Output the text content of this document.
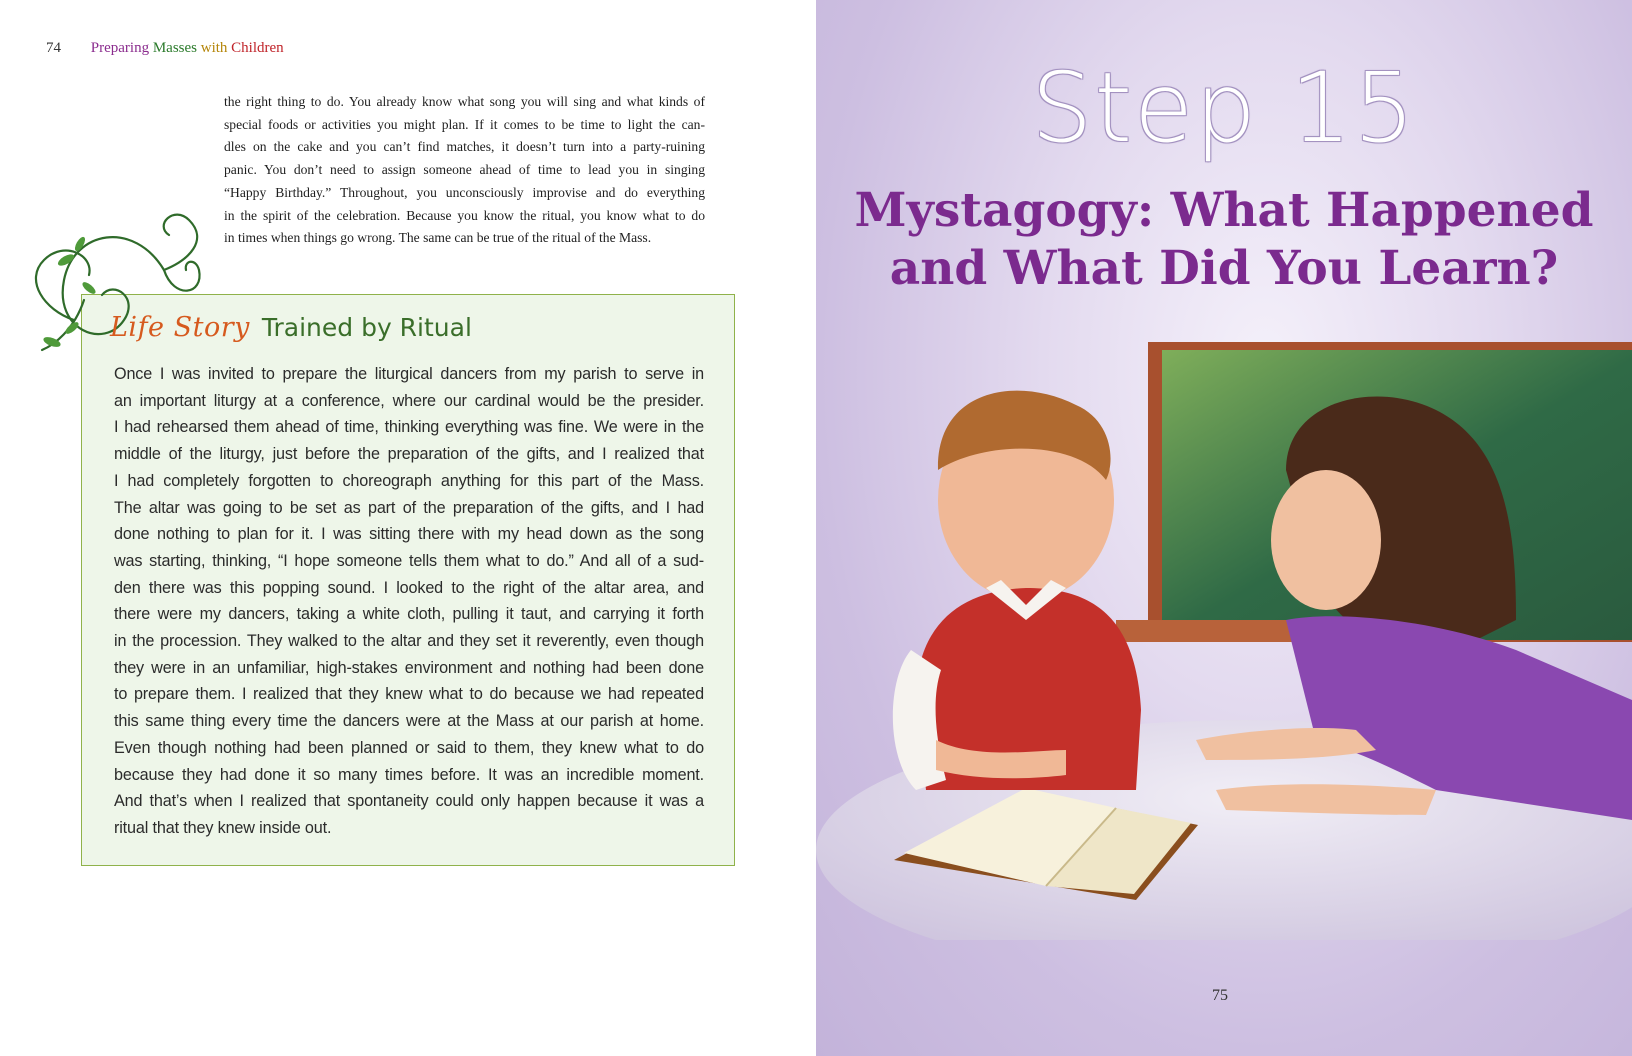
74 Preparing Masses with Children

the right thing to do. You already know what song you will sing and what kinds of
special foods or activities you might plan. If it comes to be time to light the can-
dles on the cake and you can’t find matches, it doesn’t turn into a party-ruining
panic. You don’t need to assign someone ahead of time to lead you in singing
“Happy Birthday.” Throughout, you unconsciously improvise and do everything
in the spirit of the celebration. Because you know the ritual, you know what to do
in times when things go wrong. The same can be true of the ritual of the Mass.

Life Story Trained by Ritual

Once I was invited to prepare the liturgical dancers from my parish to serve in
an important liturgy at a conference, where our cardinal would be the presider.
I had rehearsed them ahead of time, thinking everything was fine. We were in the
middle of the liturgy, just before the preparation of the gifts, and I realized that
I had completely forgotten to choreograph anything for this part of the Mass.
The altar was going to be set as part of the preparation of the gifts, and I had
done nothing to plan for it. I was sitting there with my head down as the song
was starting, thinking, “I hope someone tells them what to do.” And all of a sud-
den there was this popping sound. I looked to the right of the altar area, and
there were my dancers, taking a white cloth, pulling it taut, and carrying it forth
in the procession. They walked to the altar and they set it reverently, even though
they were in an unfamiliar, high-stakes environment and nothing had been done
to prepare them. I realized that they knew what to do because we had repeated
this same thing every time the dancers were at the Mass at our parish at home.
Even though nothing had been planned or said to them, they knew what to do
because they had done it so many times before. It was an incredible moment.
And that’s when I realized that spontaneity could only happen because it was a
ritual that they knew inside out.

75
Step 15
Mystagogy: What Happened
and What Did You Learn?
